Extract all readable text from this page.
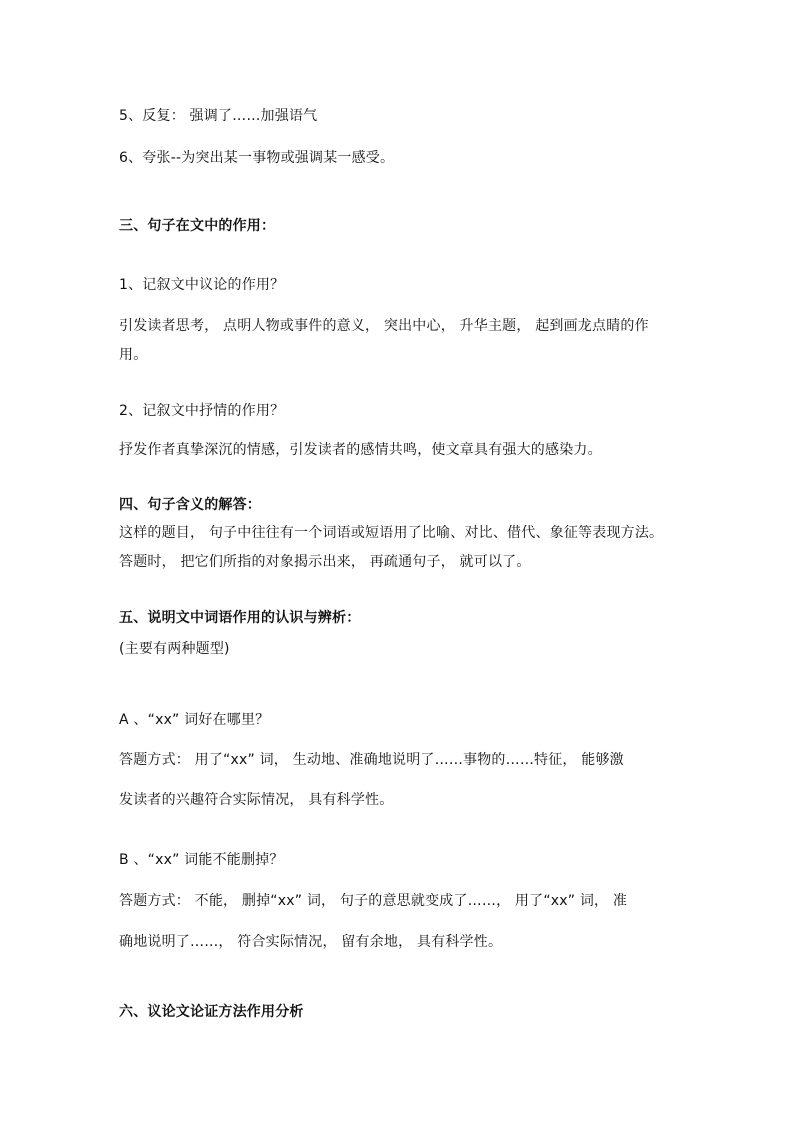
5、反复： 强调了……加强语气

6、夸张--为突出某一事物或强调某一感受。

三、句子在文中的作用：

1、记叙文中议论的作用？

引发读者思考， 点明人物或事件的意义， 突出中心， 升华主题， 起到画龙点睛的作用。

2、记叙文中抒情的作用？

抒发作者真挚深沉的情感，引发读者的感情共鸣，使文章具有强大的感染力。

四、句子含义的解答：

这样的题目， 句子中往往有一个词语或短语用了比喻、对比、借代、象征等表现方法。答题时， 把它们所指的对象揭示出来， 再疏通句子， 就可以了。

五、说明文中词语作用的认识与辨析：

(主要有两种题型)

A 、“xx” 词好在哪里？

答题方式： 用了“xx” 词， 生动地、准确地说明了……事物的……特征， 能够激

发读者的兴趣符合实际情况， 具有科学性。

B 、“xx” 词能不能删掉？

答题方式： 不能， 删掉“xx” 词， 句子的意思就变成了……， 用了“xx” 词， 准

确地说明了……， 符合实际情况， 留有余地， 具有科学性。

六、议论文论证方法作用分析
